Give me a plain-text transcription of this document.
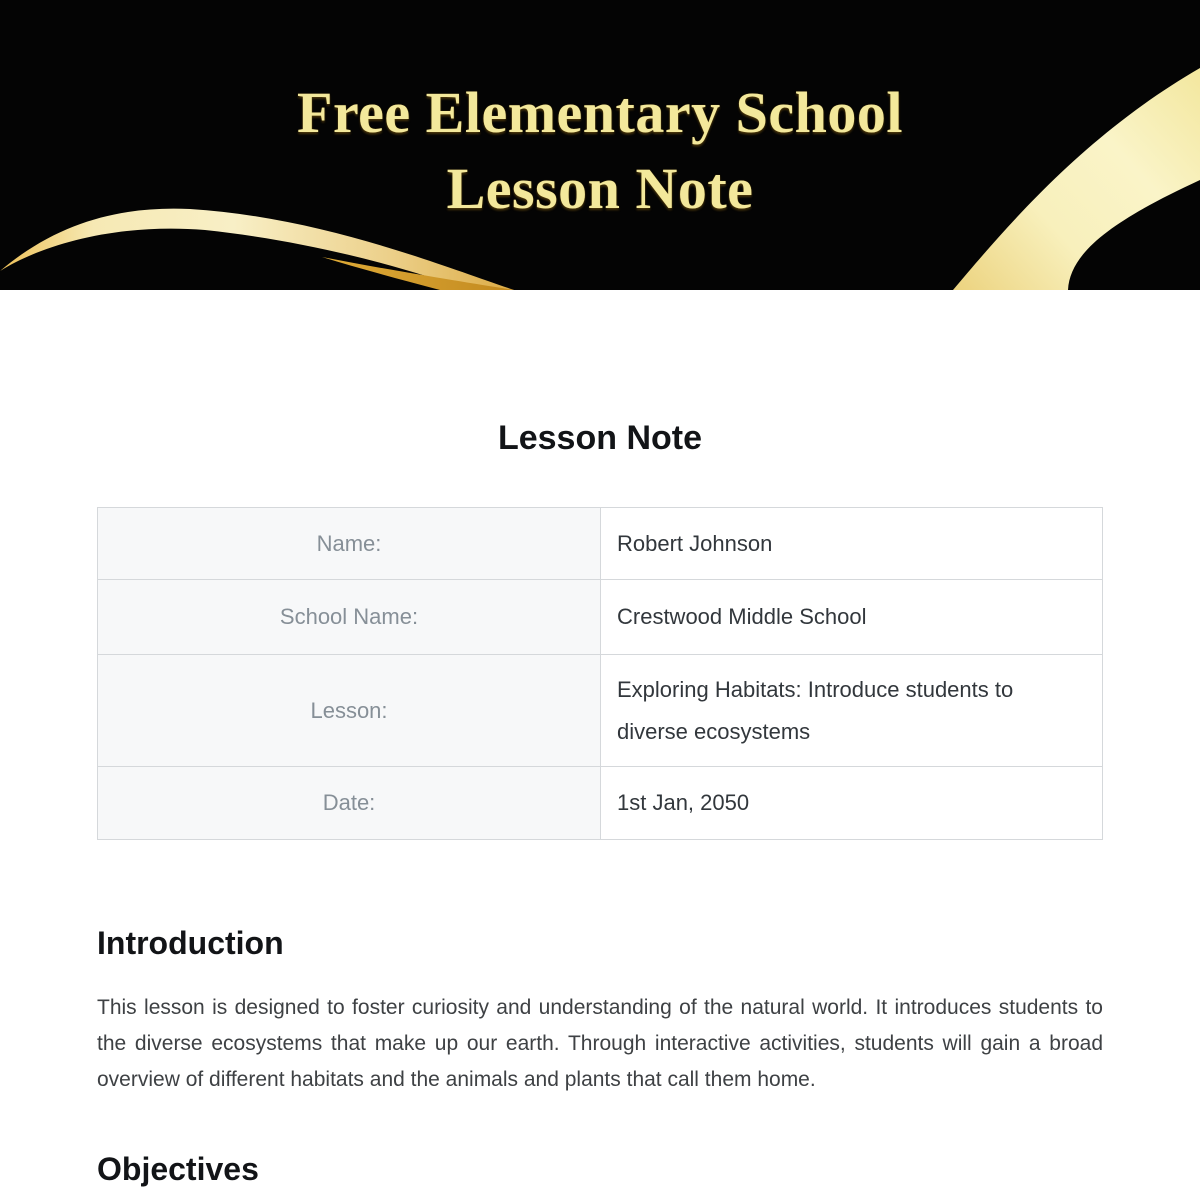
Free Elementary School
Lesson Note
Lesson Note
Name:	Robert Johnson
School Name:	Crestwood Middle School
Lesson:	Exploring Habitats: Introduce students to diverse ecosystems
Date:	1st Jan, 2050
Introduction

This lesson is designed to foster curiosity and understanding of the natural world. It introduces students to the diverse ecosystems that make up our earth. Through interactive activities, students will gain a broad overview of different habitats and the animals and plants that call them home.

Objectives
